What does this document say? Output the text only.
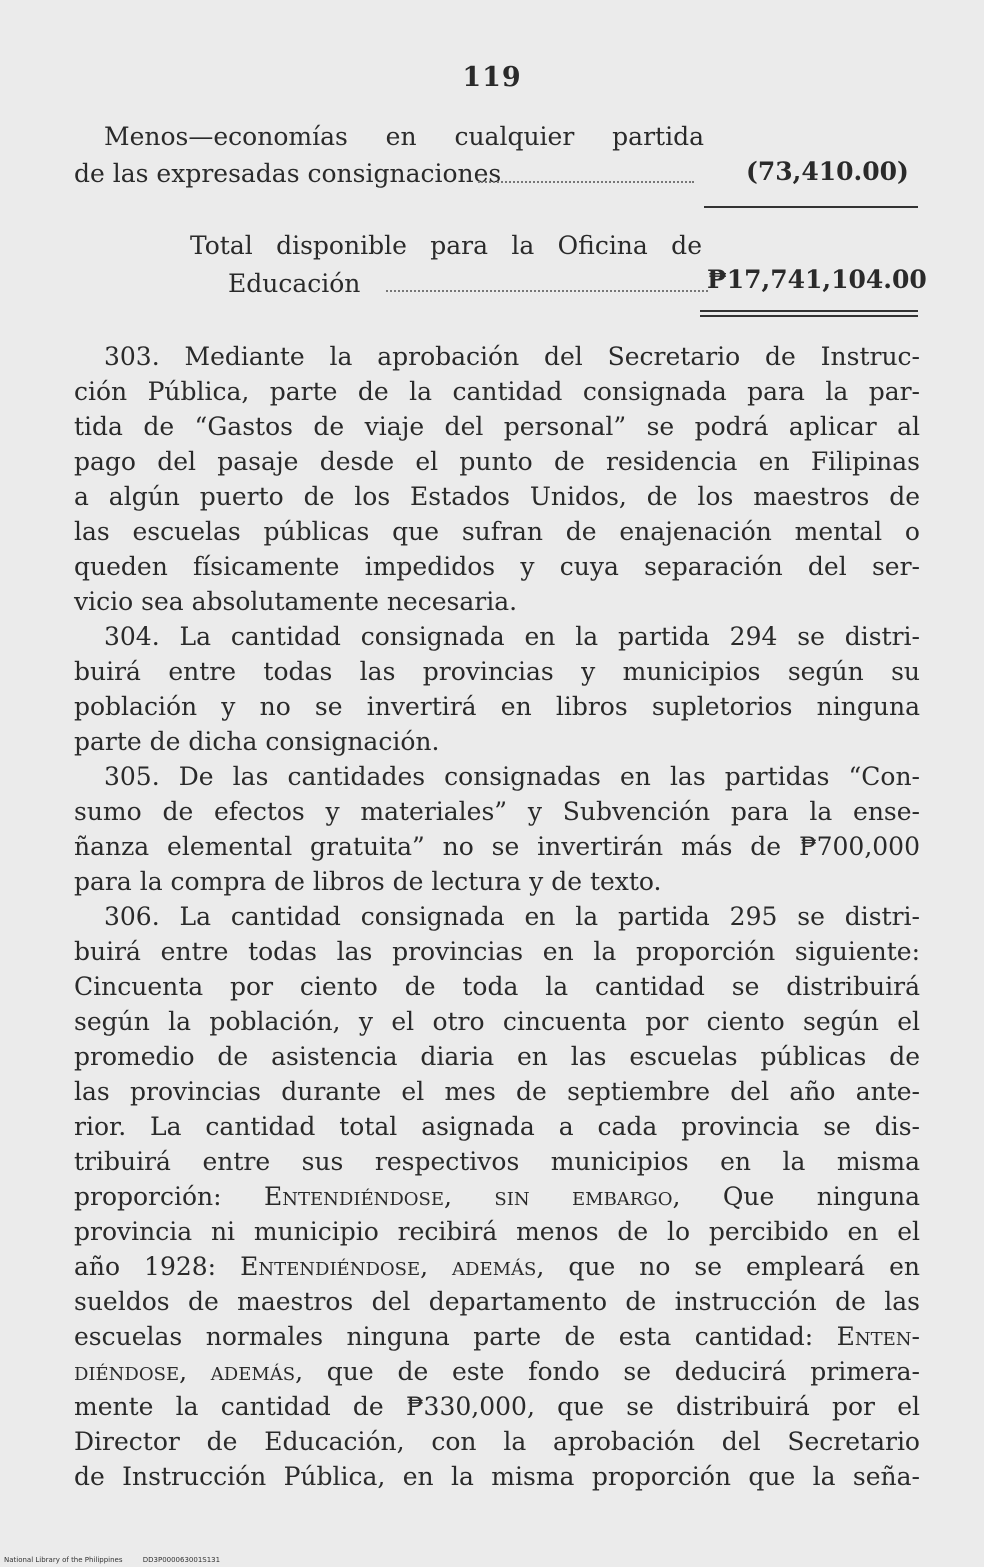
119
Menos—economías en cualquier partida
de las expresadas consignaciones	(73,410.00)
Total disponible para la Oficina de
Educación	₱17,741,104.00
303. Mediante la aprobación del Secretario de Instruc-
ción Pública, parte de la cantidad consignada para la par-
tida de “Gastos de viaje del personal” se podrá aplicar al
pago del pasaje desde el punto de residencia en Filipinas
a algún puerto de los Estados Unidos, de los maestros de
las escuelas públicas que sufran de enajenación mental o
queden físicamente impedidos y cuya separación del ser-
vicio sea absolutamente necesaria.
304. La cantidad consignada en la partida 294 se distri-
buirá entre todas las provincias y municipios según su
población y no se invertirá en libros supletorios ninguna
parte de dicha consignación.
305. De las cantidades consignadas en las partidas “Con-
sumo de efectos y materiales” y Subvención para la ense-
ñanza elemental gratuita” no se invertirán más de ₱700,000
para la compra de libros de lectura y de texto.
306. La cantidad consignada en la partida 295 se distri-
buirá entre todas las provincias en la proporción siguiente:
Cincuenta por ciento de toda la cantidad se distribuirá
según la población, y el otro cincuenta por ciento según el
promedio de asistencia diaria en las escuelas públicas de
las provincias durante el mes de septiembre del año ante-
rior. La cantidad total asignada a cada provincia se dis-
tribuirá entre sus respectivos municipios en la misma
proporción: Entendiéndose, sin embargo, Que ninguna
provincia ni municipio recibirá menos de lo percibido en el
año 1928: Entendiéndose, además, que no se empleará en
sueldos de maestros del departamento de instrucción de las
escuelas normales ninguna parte de esta cantidad: Enten-
diéndose, además, que de este fondo se deducirá primera-
mente la cantidad de ₱330,000, que se distribuirá por el
Director de Educación, con la aprobación del Secretario
de Instrucción Pública, en la misma proporción que la seña-
National Library of the Philippines	DD3P000063001S131
